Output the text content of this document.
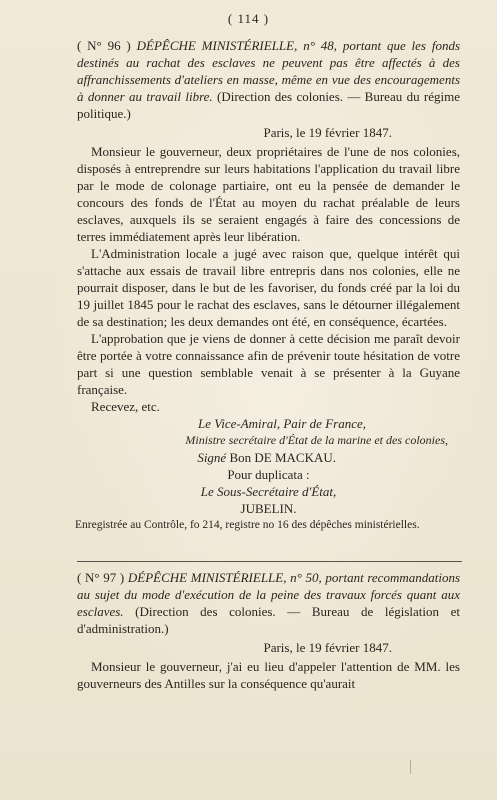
( 114 )
( N° 96 ) DÉPÊCHE MINISTÉRIELLE, n° 48, portant que les fonds destinés au rachat des esclaves ne peuvent pas être affectés à des affranchissements d'ateliers en masse, même en vue des encouragements à donner au travail libre. (Direction des colonies. — Bureau du régime politique.)
Paris, le 19 février 1847.

Monsieur le gouverneur, deux propriétaires de l'une de nos colonies, disposés à entreprendre sur leurs habitations l'application du travail libre par le mode de colonage partiaire, ont eu la pensée de demander le concours des fonds de l'État au moyen du rachat préalable de leurs esclaves, auxquels ils se seraient engagés à faire des concessions de terres immédiatement après leur libération.

L'Administration locale a jugé avec raison que, quelque intérêt qui s'attache aux essais de travail libre entrepris dans nos colonies, elle ne pourrait disposer, dans le but de les favoriser, du fonds créé par la loi du 19 juillet 1845 pour le rachat des esclaves, sans le détourner illégalement de sa destination; les deux demandes ont été, en conséquence, écartées.

L'approbation que je viens de donner à cette décision me paraît devoir être portée à votre connaissance afin de prévenir toute hésitation de votre part si une question semblable venait à se présenter à la Guyane française.

Recevez, etc.

Le Vice-Amiral, Pair de France,
Ministre secrétaire d'État de la marine et des colonies,
Signé Bon DE MACKAU.
Pour duplicata :
Le Sous-Secrétaire d'État,
JUBELIN.
Enregistrée au Contrôle, fo 214, registre no 16 des dépêches ministérielles.
( N° 97 ) DÉPÊCHE MINISTÉRIELLE, n° 50, portant recommandations au sujet du mode d'exécution de la peine des travaux forcés quant aux esclaves. (Direction des colonies. — Bureau de législation et d'administration.)
Paris, le 19 février 1847.

Monsieur le gouverneur, j'ai eu lieu d'appeler l'attention de MM. les gouverneurs des Antilles sur la conséquence qu'aurait
